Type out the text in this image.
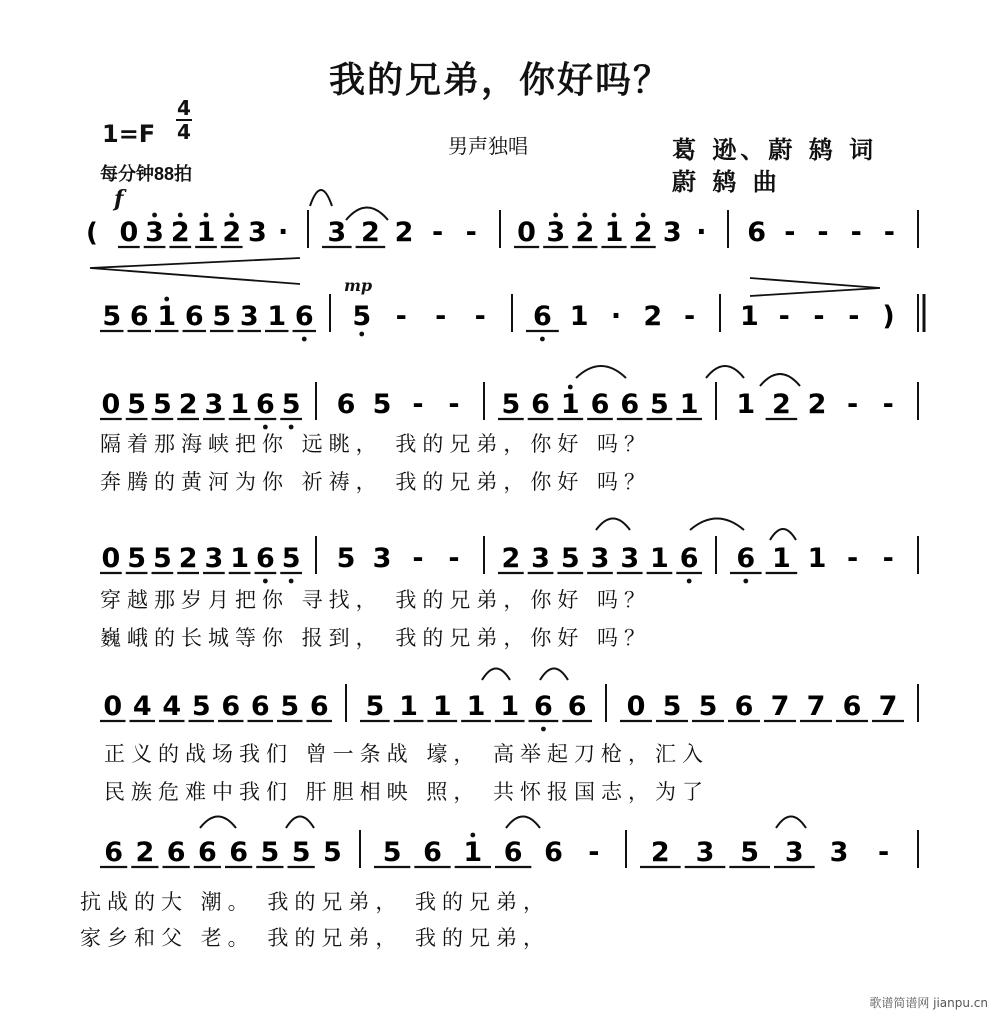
我的兄弟，你好吗？
1=F
4
4
每分钟88拍
男声独唱	葛 逊、蔚 鸫 词
蔚 鸫 曲
f
mp
( 0 3 2 1 2 3 · 3 2 2 - - 0 3 2 1 2 3 · 6 - - - -
5 6 1 6 5 3 1 6 5 - - - 6 1 · 2 - 1 - - - )
0 5 5 2 3 1 6 5 6 5 - - 5 6 1 6 6 5 1 1 2 2 - -
0 5 5 2 3 1 6 5 5 3 - - 2 3 5 3 3 1 6 6 1 1 - -
0 4 4 5 6 6 5 6 5 1 1 1 1 6 6 0 5 5 6 7 7 6 7
6 2 6 6 6 5 5 5 5 6 1 6 6 - 2 3 5 3 3 -
隔着那海峡把你 远眺， 我的兄弟，你好 吗？
奔腾的黄河为你 祈祷， 我的兄弟，你好 吗？
穿越那岁月把你 寻找， 我的兄弟，你好 吗？
巍峨的长城等你 报到， 我的兄弟，你好 吗？
正义的战场我们 曾一条战 壕， 高举起刀枪，汇入
民族危难中我们 肝胆相映 照， 共怀报国志，为了
抗战的大 潮。 我的兄弟， 我的兄弟，
家乡和父 老。 我的兄弟， 我的兄弟，
歌谱简谱网 jianpu.cn
